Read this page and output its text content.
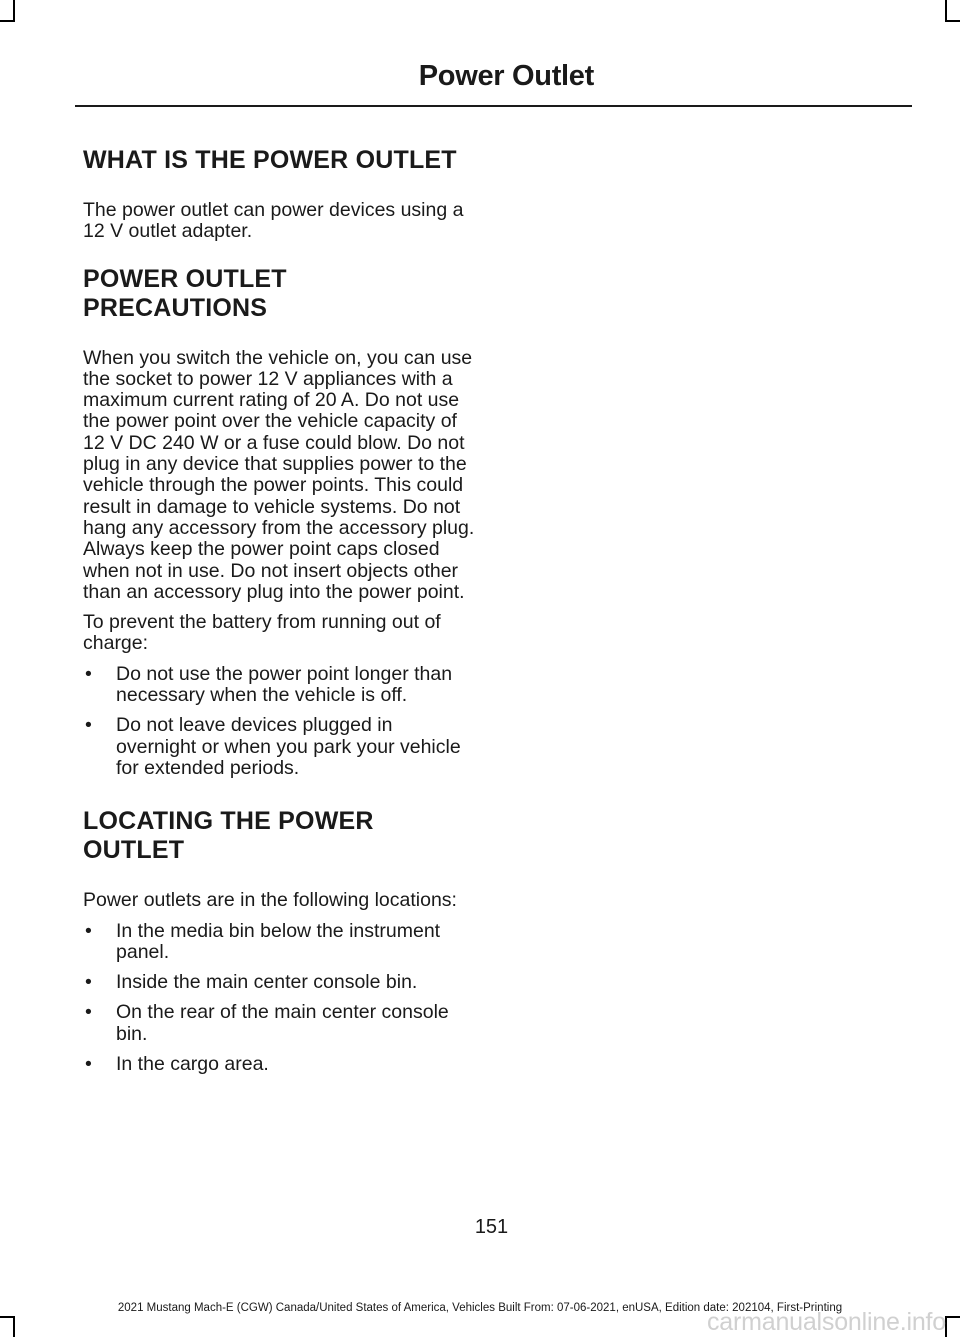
Power Outlet
WHAT IS THE POWER OUTLET

The power outlet can power devices using a 12 V outlet adapter.

POWER OUTLET
PRECAUTIONS

When you switch the vehicle on, you can use the socket to power 12 V appliances with a maximum current rating of 20 A. Do not use the power point over the vehicle capacity of 12 V DC 240 W or a fuse could blow. Do not plug in any device that supplies power to the vehicle through the power points. This could result in damage to vehicle systems. Do not hang any accessory from the accessory plug. Always keep the power point caps closed when not in use. Do not insert objects other than an accessory plug into the power point.

To prevent the battery from running out of charge:

• Do not use the power point longer than necessary when the vehicle is off.
• Do not leave devices plugged in overnight or when you park your vehicle for extended periods.
LOCATING THE POWER
OUTLET

Power outlets are in the following locations:

• In the media bin below the instrument panel.
• Inside the main center console bin.
• On the rear of the main center console bin.
• In the cargo area.
151
2021 Mustang Mach-E (CGW) Canada/United States of America, Vehicles Built From: 07-06-2021, enUSA, Edition date: 202104, First-Printing
carmanualsonline.info
